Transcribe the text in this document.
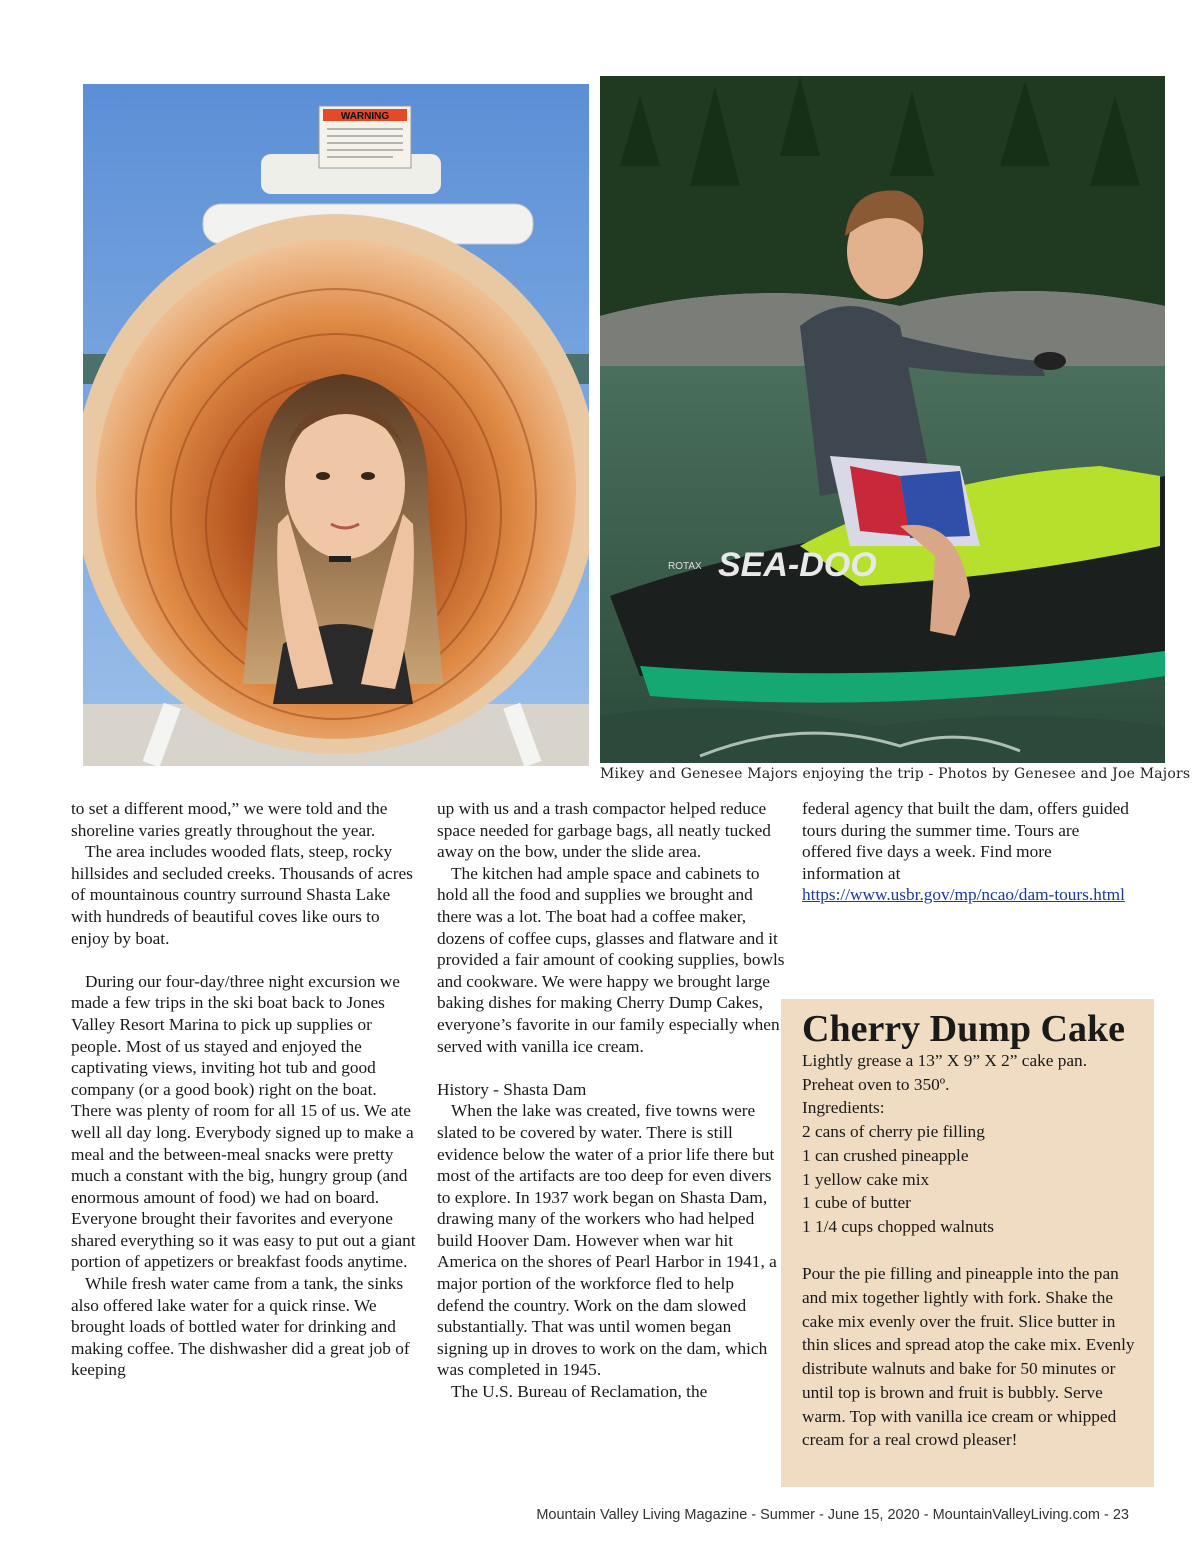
WARNING
SEA-DOO
ROTAX
Mikey and Genesee Majors enjoying the trip - Photos by Genesee and Joe Majors

to set a different mood,” we were told and the shoreline varies greatly throughout the year.

The area includes wooded flats, steep, rocky hillsides and secluded creeks. Thousands of acres of mountainous country surround Shasta Lake with hundreds of beautiful coves like ours to enjoy by boat.

During our four-day/three night excursion we made a few trips in the ski boat back to Jones Valley Resort Marina to pick up supplies or people. Most of us stayed and enjoyed the captivating views, inviting hot tub and good company (or a good book) right on the boat. There was plenty of room for all 15 of us. We ate well all day long. Everybody signed up to make a meal and the between-meal snacks were pretty much a constant with the big, hungry group (and enormous amount of food) we had on board. Everyone brought their favorites and everyone shared everything so it was easy to put out a giant portion of appetizers or breakfast foods anytime.

While fresh water came from a tank, the sinks also offered lake water for a quick rinse. We brought loads of bottled water for drinking and making coffee. The dishwasher did a great job of keeping

up with us and a trash compactor helped reduce space needed for garbage bags, all neatly tucked away on the bow, under the slide area.

The kitchen had ample space and cabinets to hold all the food and supplies we brought and there was a lot. The boat had a coffee maker, dozens of coffee cups, glasses and flatware and it provided a fair amount of cooking supplies, bowls and cookware. We were happy we brought large baking dishes for making Cherry Dump Cakes, everyone’s favorite in our family especially when served with vanilla ice cream.

History - Shasta Dam

When the lake was created, five towns were slated to be covered by water. There is still evidence below the water of a prior life there but most of the artifacts are too deep for even divers to explore. In 1937 work began on Shasta Dam, drawing many of the workers who had helped build Hoover Dam. However when war hit America on the shores of Pearl Harbor in 1941, a major portion of the workforce fled to help defend the country. Work on the dam slowed substantially. That was until women began signing up in droves to work on the dam, which was completed in 1945.

The U.S. Bureau of Reclamation, the

federal agency that built the dam, offers guided tours during the summer time. Tours are offered five days a week. Find more information at

https://www.usbr.gov/mp/ncao/dam-tours.html

Cherry Dump Cake

Lightly grease a 13” X 9” X 2” cake pan.

Preheat oven to 350º.

Ingredients:

2 cans of cherry pie filling

1 can crushed pineapple

1 yellow cake mix

1 cube of butter

1 1/4 cups chopped walnuts

Pour the pie filling and pineapple into the pan and mix together lightly with fork. Shake the cake mix evenly over the fruit. Slice butter in thin slices and spread atop the cake mix. Evenly distribute walnuts and bake for 50 minutes or until top is brown and fruit is bubbly. Serve warm. Top with vanilla ice cream or whipped cream for a real crowd pleaser!

Mountain Valley Living Magazine - Summer - June 15, 2020 - MountainValleyLiving.com - 23
